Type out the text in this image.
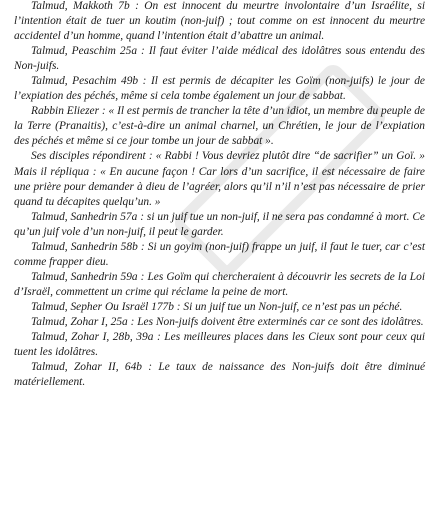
Talmud, Makkoth 7b : On est innocent du meurtre involontaire d’un Israélite, si l’intention était de tuer un koutim (non-juif) ; tout comme on est innocent du meurtre accidentel d’un homme, quand l’intention était d’abattre un animal.

Talmud, Peaschim 25a : Il faut éviter l’aide médical des idolâtres sous entendu des Non-juifs.

Talmud, Pesachim 49b : Il est permis de décapiter les Goïm (non-juifs) le jour de l’expiation des péchés, même si cela tombe également un jour de sabbat.

Rabbin Eliezer : « Il est permis de trancher la tête d’un idiot, un membre du peuple de la Terre (Pranaitis), c’est-à-dire un animal charnel, un Chrétien, le jour de l’expiation des péchés et même si ce jour tombe un jour de sabbat ».

Ses disciples répondirent : « Rabbi ! Vous devriez plutôt dire “de sacrifier” un Goï. » Mais il répliqua : « En aucune façon ! Car lors d’un sacrifice, il est nécessaire de faire une prière pour demander à dieu de l’agréer, alors qu’il n’il n’est pas nécessaire de prier quand tu décapites quelqu’un. »

Talmud, Sanhedrin 57a : si un juif tue un non-juif, il ne sera pas condamné à mort. Ce qu’un juif vole d’un non-juif, il peut le garder.

Talmud, Sanhedrin 58b : Si un goyim (non-juif) frappe un juif, il faut le tuer, car c’est comme frapper dieu.

Talmud, Sanhedrin 59a : Les Goïm qui chercheraient à découvrir les secrets de la Loi d’Israël, commettent un crime qui réclame la peine de mort.

Talmud, Sepher Ou Israël 177b : Si un juif tue un Non-juif, ce n’est pas un péché.

Talmud, Zohar I, 25a : Les Non-juifs doivent être exterminés car ce sont des idolâtres.

Talmud, Zohar I, 28b, 39a : Les meilleures places dans les Cieux sont pour ceux qui tuent les idolâtres.

Talmud, Zohar II, 64b : Le taux de naissance des Non-juifs doit être diminué matériellement.
